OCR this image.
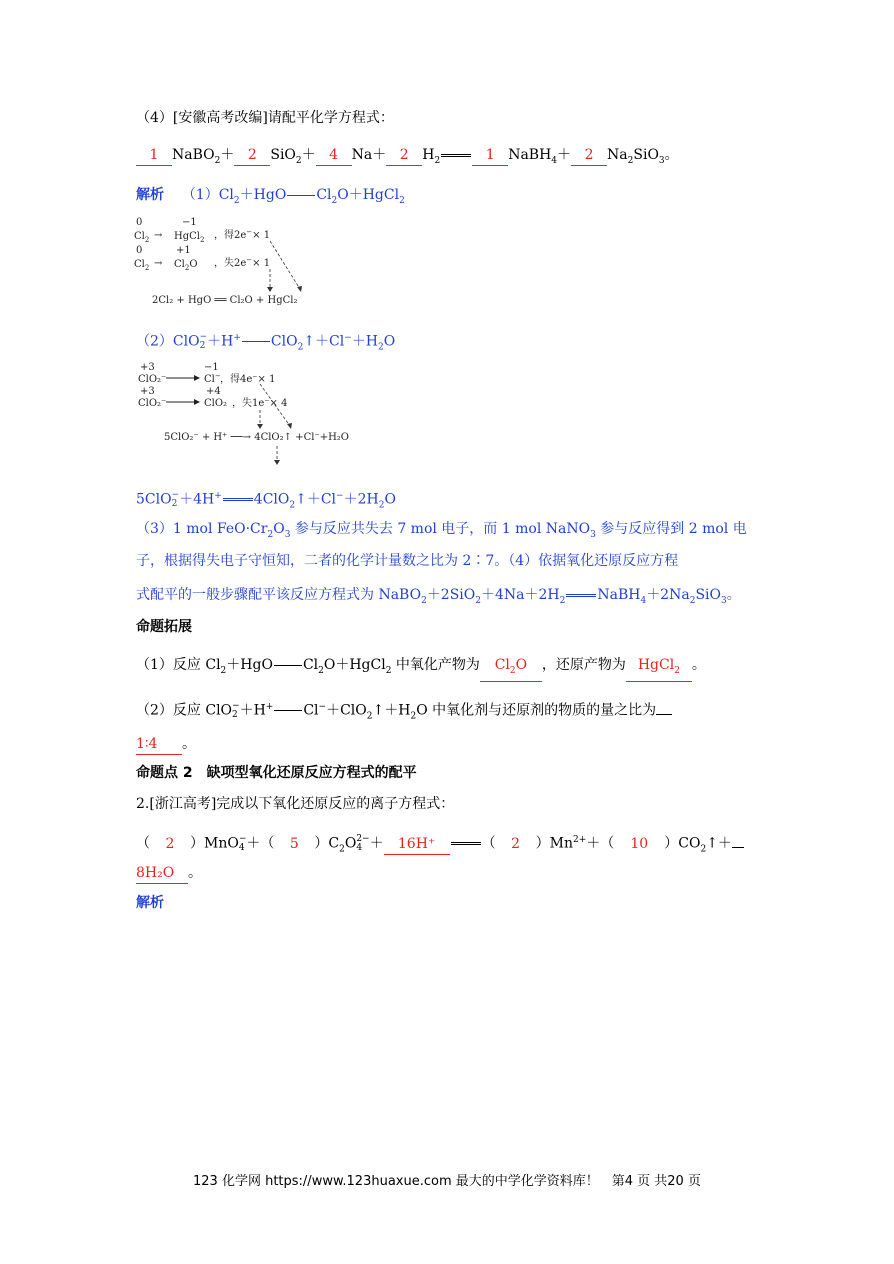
（4）[安徽高考改编]请配平化学方程式：
1 NaBO$_2$＋ 2 SiO$_2$＋ 4 Na＋ 2 $H_2$	1 NaBH$_4$＋ 2 $Na_2SiO_3$。
解析 $(1)Cl_2+HgO$ $Cl_2O+HgCl_2$
0
$Cl_2$ →
−1
HgCl$_2$ ，得2e−× 1
0
$Cl_2$ →
+1
$Cl_2O$ ，失2e−× 1
2Cl₂ + HgO ══ Cl₂O + HgCl₂
（2）ClO −
2 ＋H+ $ClO_2↑+Cl^-+H_2O$
+3
ClO₂⁻
−1
Cl− ，得4e⁻× 1
+3
ClO₂⁻
+4
ClO₂ ，失1e⁻× 4
5ClO₂⁻ + H⁺ ──→ 4ClO₂↑ +Cl⁻+H₂O
5ClO −
2 ＋4H+ $4ClO_2↑+Cl^-+2H_2O$
（3）1 mol $FeO\cdot Cr_2O_3$ 参与反应共失去 7 mol 电子，而 1 mol NaNO$_3$ 参与反应得到 2 mol 电
子，根据得失电子守恒知，二者的化学计量数之比为 2∶7。（4）依据氧化还原反应方程
式配平的一般步骤配平该反应方程式为 $NaBO_2+2SiO_2+4Na+2H_2$ $NaBH_4+2Na_2SiO_3$。
命题拓展
（1）反应 $Cl_2+HgO$ $Cl_2O+HgCl_2$ 中氧化产物为 $Cl_2O$ ，还原产物为 HgCl$_2$ 。
（2）反应 ClO −
2 ＋H+ $Cl^-+ClO_2↑+H_2O$ 中氧化剂与还原剂的物质的量之比为
1∶4 。
命题点 2　缺项型氧化还原反应方程式的配平
2.[浙江高考]完成以下氧化还原反应的离子方程式：
（ 2 ）MnO −
4 ＋（ 5 ）$C_2O$ 2−
4 ＋ 16H⁺	（ 2 ）$Mn^{2+}+$（ 10 ）$CO_2↑+$
8H₂O 。
解析
123 化学网 https://www.123huaxue.com 最大的中学化学资料库！　第4 页 共20 页
